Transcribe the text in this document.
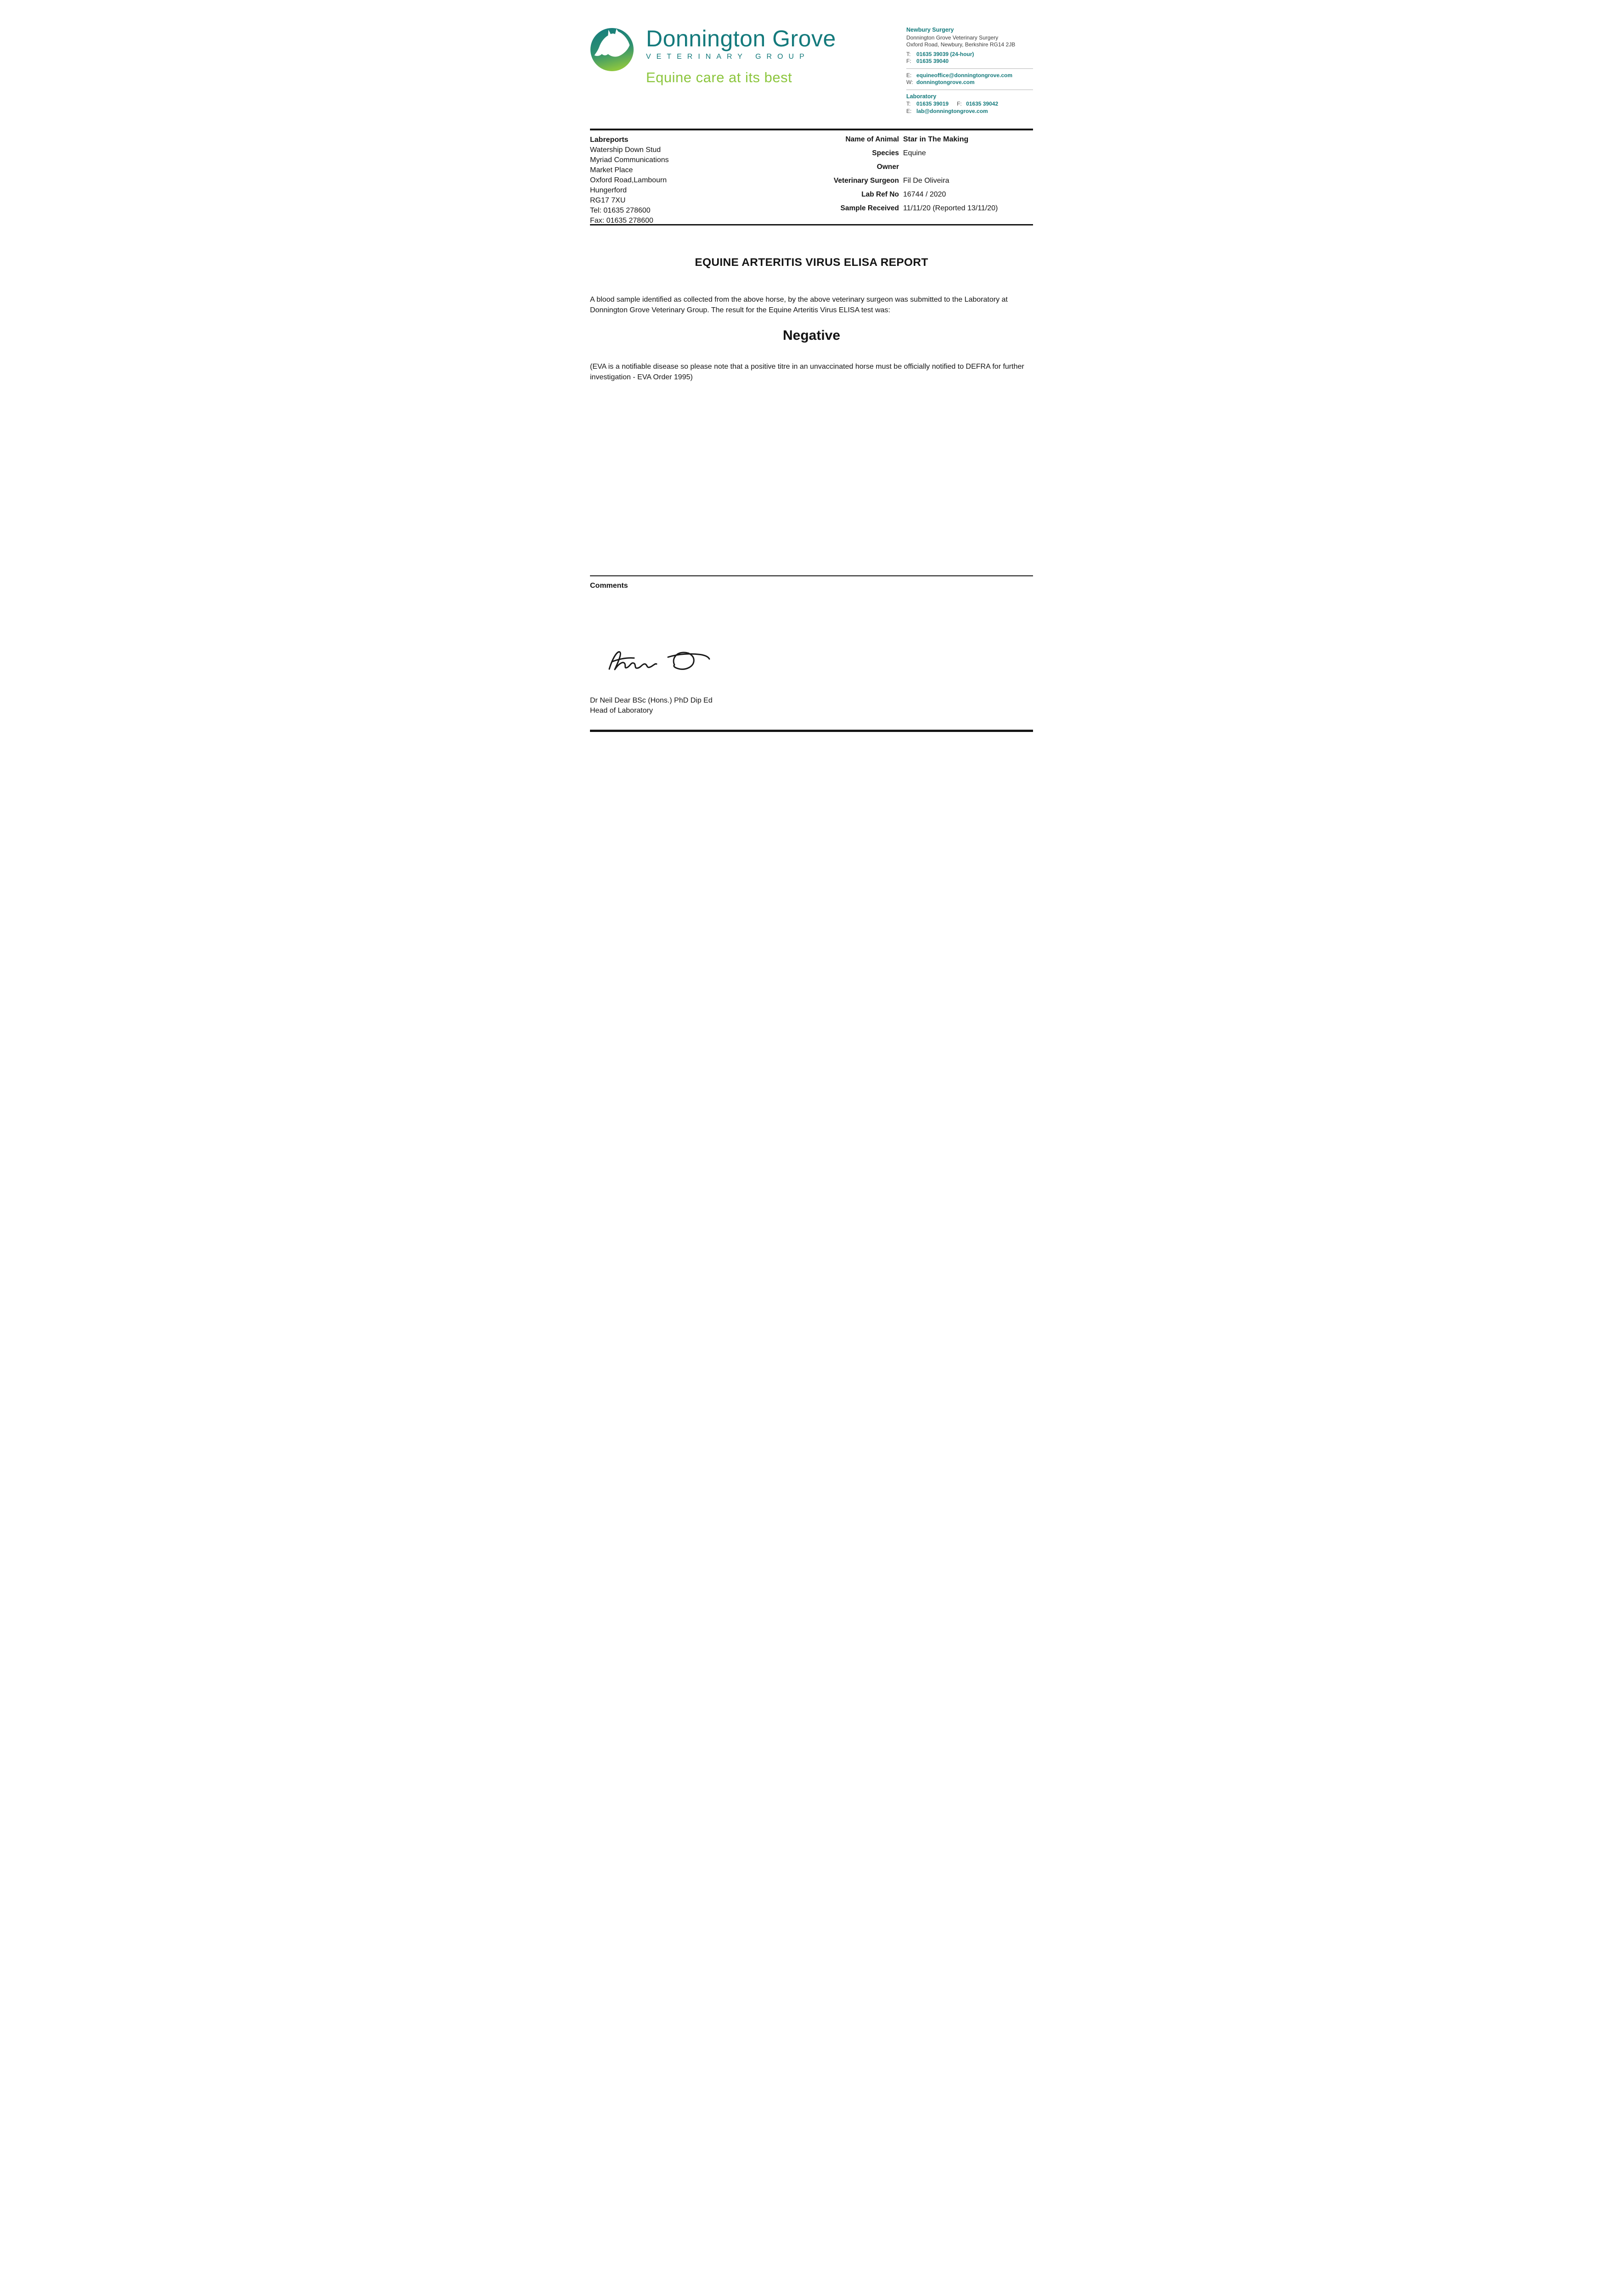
Donnington Grove
VETERINARY GROUP
Equine care at its best
Newbury Surgery
Donnington Grove Veterinary Surgery
Oxford Road, Newbury, Berkshire RG14 2JB
T:	01635 39039 (24-hour)
F: 01635 39040
E: equineoffice@donningtongrove.com
W: donningtongrove.com
Laboratory
T:	01635 39019 F: 01635 39042
E: lab@donningtongrove.com
Labreports
Watership Down Stud
Myriad Communications
Market Place
Oxford Road,Lambourn
Hungerford
RG17 7XU
Tel: 01635 278600
Fax: 01635 278600
Name of Animal Star in The Making
Species Equine
Owner
Veterinary Surgeon Fil De Oliveira
Lab Ref No 16744 / 2020
Sample Received 11/11/20 (Reported 13/11/20)
EQUINE ARTERITIS VIRUS ELISA REPORT

A blood sample identified as collected from the above horse, by the above veterinary surgeon was submitted to the Laboratory at Donnington Grove Veterinary Group. The result for the Equine Arteritis Virus ELISA test was:

Negative

(EVA is a notifiable disease so please note that a positive titre in an unvaccinated horse must be officially notified to DEFRA for further investigation - EVA Order 1995)

Comments
Dr Neil Dear BSc (Hons.) PhD Dip Ed
Head of Laboratory
